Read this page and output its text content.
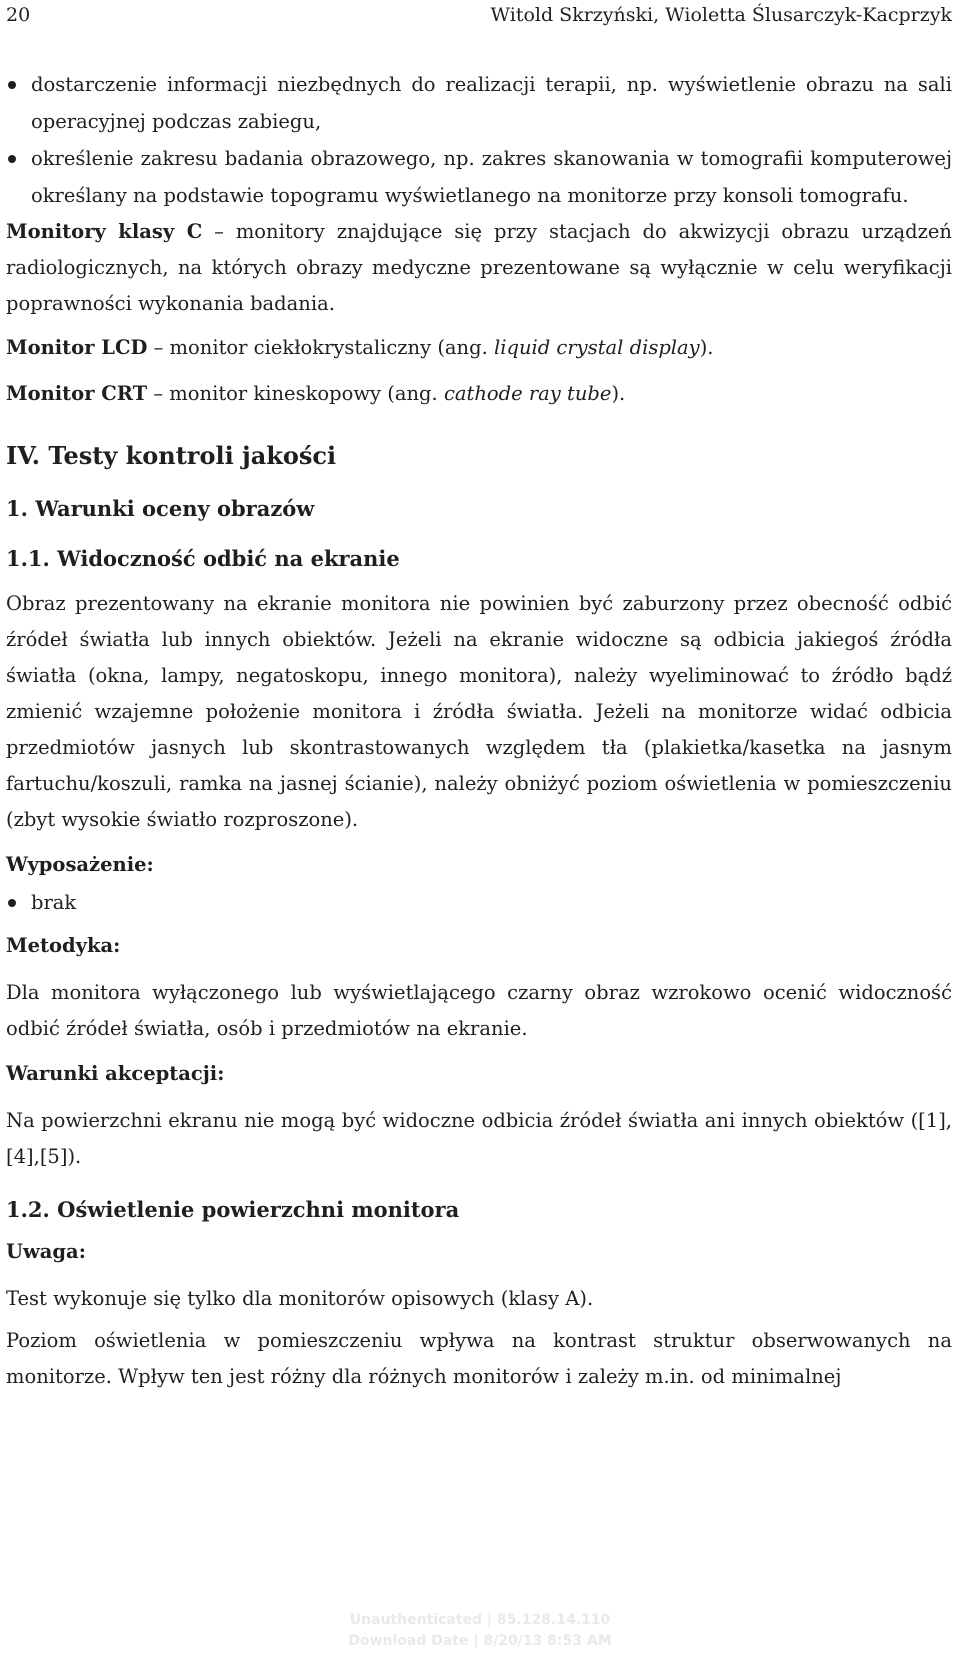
20	Witold Skrzyński, Wioletta Ślusarczyk-Kacprzyk
dostarczenie informacji niezbędnych do realizacji terapii, np. wyświetlenie obrazu na sali operacyjnej podczas zabiegu,
określenie zakresu badania obrazowego, np. zakres skanowania w tomografii komputerowej określany na podstawie topogramu wyświetlanego na monitorze przy konsoli tomografu.

Monitory klasy C – monitory znajdujące się przy stacjach do akwizycji obrazu urządzeń radiologicznych, na których obrazy medyczne prezentowane są wyłącznie w celu weryfikacji poprawności wykonania badania.

Monitor LCD – monitor ciekłokrystaliczny (ang. liquid crystal display).

Monitor CRT – monitor kineskopowy (ang. cathode ray tube).

IV. Testy kontroli jakości
1. Warunki oceny obrazów
1.1. Widoczność odbić na ekranie

Obraz prezentowany na ekranie monitora nie powinien być zaburzony przez obecność odbić źródeł światła lub innych obiektów. Jeżeli na ekranie widoczne są odbicia jakiegoś źródła światła (okna, lampy, negatoskopu, innego monitora), należy wyeliminować to źródło bądź zmienić wzajemne położenie monitora i źródła światła. Jeżeli na monitorze widać odbicia przedmiotów jasnych lub skontrastowanych względem tła (plakietka/kasetka na jasnym fartuchu/koszuli, ramka na jasnej ścianie), należy obniżyć poziom oświetlenia w pomieszczeniu (zbyt wysokie światło rozproszone).

Wyposażenie:
brak
Metodyka:

Dla monitora wyłączonego lub wyświetlającego czarny obraz wzrokowo ocenić widoczność odbić źródeł światła, osób i przedmiotów na ekranie.

Warunki akceptacji:

Na powierzchni ekranu nie mogą być widoczne odbicia źródeł światła ani innych obiektów ([1], [4],[5]).

1.2. Oświetlenie powierzchni monitora
Uwaga:

Test wykonuje się tylko dla monitorów opisowych (klasy A).

Poziom oświetlenia w pomieszczeniu wpływa na kontrast struktur obserwowanych na monitorze. Wpływ ten jest różny dla różnych monitorów i zależy m.in. od minimalnej

Unauthenticated | 85.128.14.110
Download Date | 8/20/13 8:53 AM
